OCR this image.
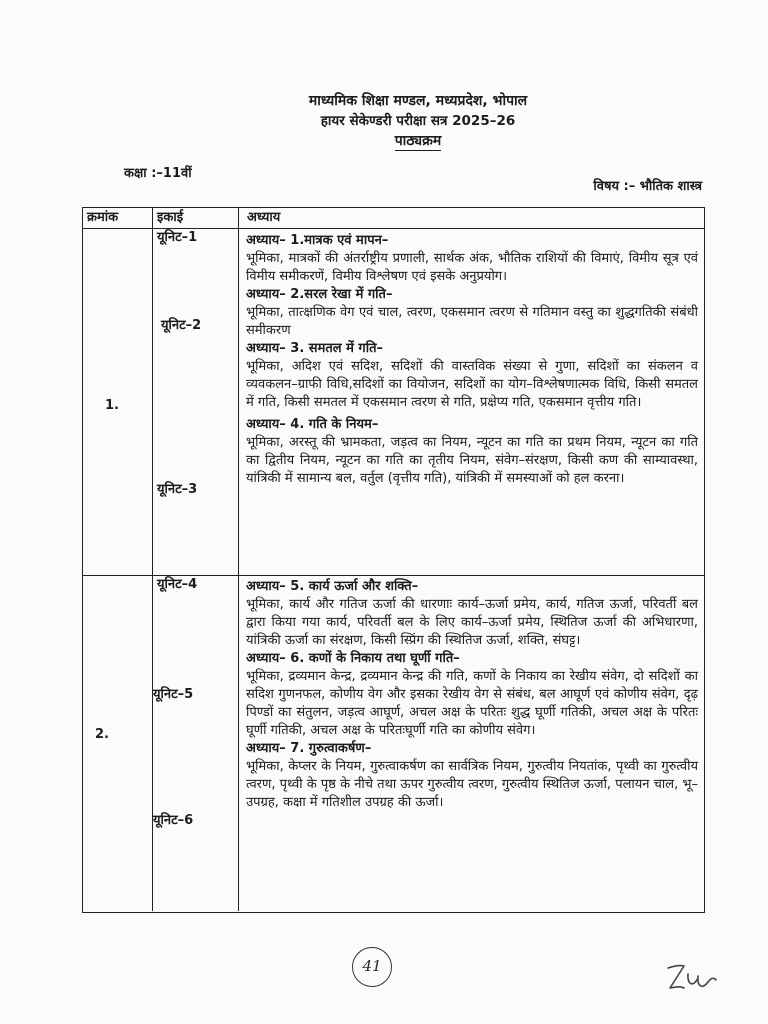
माध्यमिक शिक्षा मण्डल, मध्यप्रदेश, भोपाल
हायर सेकेण्डरी परीक्षा सत्र 2025–26
पाठ्यक्रम
कक्षा :–11वीं
विषय :– भौतिक शास्त्र
क्रमांक	इकाई	अध्याय
1.
यूनिट–1
यूनिट–2
यूनिट–3
अध्याय– 1.मात्रक एवं मापन–
भूमिका, मात्रकों की अंतर्राष्ट्रीय प्रणाली, सार्थक अंक, भौतिक राशियों की विमाएं, विमीय सूत्र एवं विमीय समीकरणें, विमीय विश्लेषण एवं इसके अनुप्रयोग।
अध्याय– 2.सरल रेखा में गति–
भूमिका, तात्क्षणिक वेग एवं चाल, त्वरण, एकसमान त्वरण से गतिमान वस्तु का शुद्धगतिकी संबंधी समीकरण
अध्याय– 3. समतल में गति–
भूमिका, अदिश एवं सदिश, सदिशों की वास्तविक संख्या से गुणा, सदिशों का संकलन व व्यवकलन–ग्राफी विधि,सदिशों का वियोजन, सदिशों का योग–विश्लेषणात्मक विधि, किसी समतल में गति, किसी समतल में एकसमान त्वरण से गति, प्रक्षेप्य गति, एकसमान वृत्तीय गति।
अध्याय– 4. गति के नियम–
भूमिका, अरस्तू की भ्रामकता, जड़त्व का नियम, न्यूटन का गति का प्रथम नियम, न्यूटन का गति का द्वितीय नियम, न्यूटन का गति का तृतीय नियम, संवेग–संरक्षण, किसी कण की साम्यावस्था, यांत्रिकी में सामान्य बल, वर्तुल (वृत्तीय गति), यांत्रिकी में समस्याओं को हल करना।
2.
यूनिट–4
यूनिट–5
यूनिट–6
अध्याय– 5. कार्य ऊर्जा और शक्ति–
भूमिका, कार्य और गतिज ऊर्जा की धारणाः कार्य–ऊर्जा प्रमेय, कार्य, गतिज ऊर्जा, परिवर्ती बल द्वारा किया गया कार्य, परिवर्ती बल के लिए कार्य–ऊर्जा प्रमेय, स्थितिज ऊर्जा की अभिधारणा, यांत्रिकी ऊर्जा का संरक्षण, किसी स्प्रिंग की स्थितिज ऊर्जा, शक्ति, संघट्ट।
अध्याय– 6. कणों के निकाय तथा घूर्णी गति–
भूमिका, द्रव्यमान केन्द्र, द्रव्यमान केन्द्र की गति, कणों के निकाय का रेखीय संवेग, दो सदिशों का सदिश गुणनफल, कोणीय वेग और इसका रेखीय वेग से संबंध, बल आघूर्ण एवं कोणीय संवेग, दृढ़ पिण्डों का संतुलन, जड़त्व आघूर्ण, अचल अक्ष के परितः शुद्ध घूर्णी गतिकी, अचल अक्ष के परितः घूर्णी गतिकी, अचल अक्ष के परितःघूर्णी गति का कोणीय संवेग।
अध्याय– 7. गुरुत्वाकर्षण–
भूमिका, केप्लर के नियम, गुरुत्वाकर्षण का सार्वत्रिक नियम, गुरुत्वीय नियतांक, पृथ्वी का गुरुत्वीय त्वरण, पृथ्वी के पृष्ठ के नीचे तथा ऊपर गुरुत्वीय त्वरण, गुरुत्वीय स्थितिज ऊर्जा, पलायन चाल, भू–उपग्रह, कक्षा में गतिशील उपग्रह की ऊर्जा।
41
